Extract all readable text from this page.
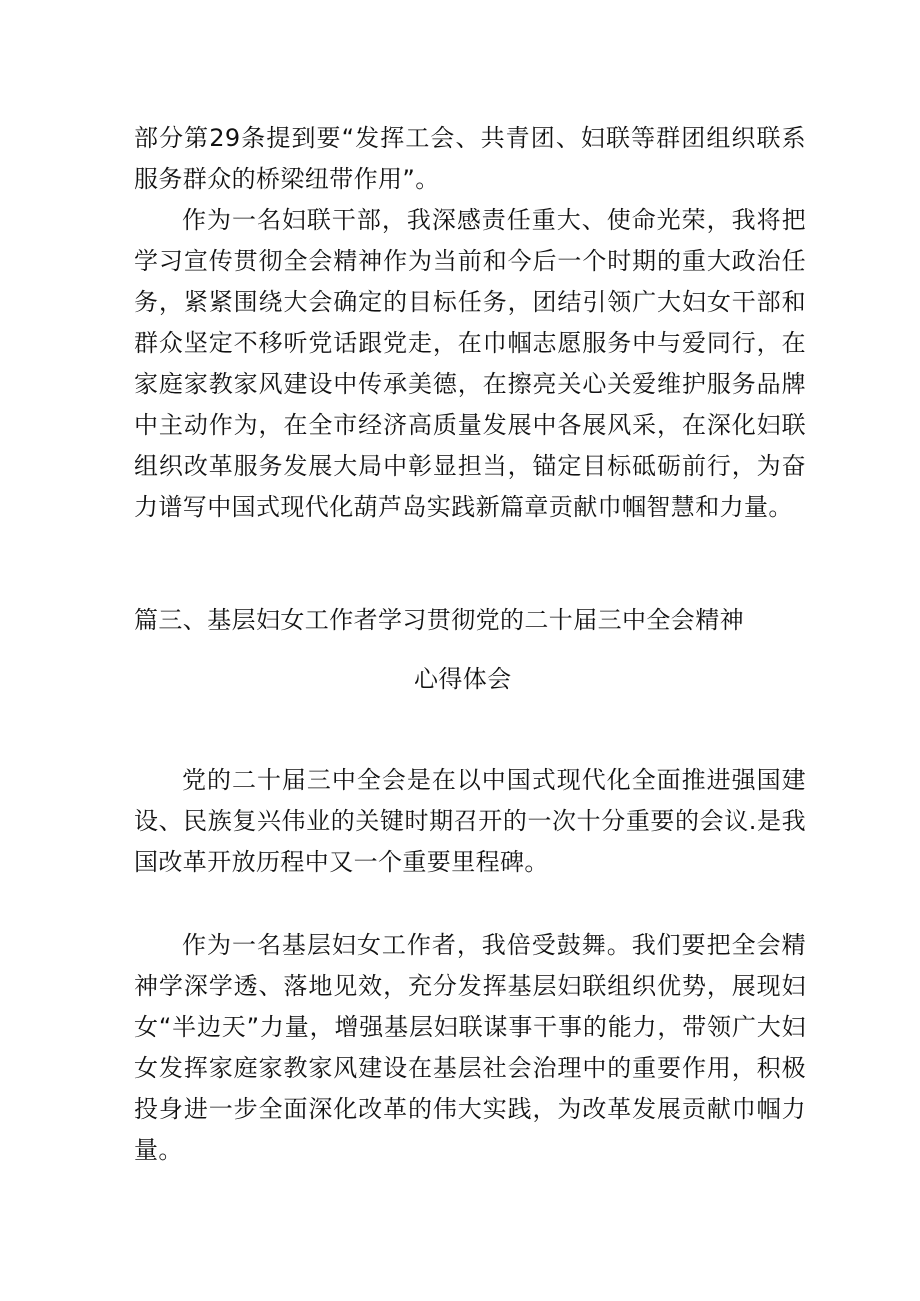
部分第29条提到要“发挥工会、共青团、妇联等群团组织联系服务群众的桥梁纽带作用”。

作为一名妇联干部，我深感责任重大、使命光荣，我将把学习宣传贯彻全会精神作为当前和今后一个时期的重大政治任务，紧紧围绕大会确定的目标任务，团结引领广大妇女干部和群众坚定不移听党话跟党走，在巾帼志愿服务中与爱同行，在家庭家教家风建设中传承美德，在擦亮关心关爱维护服务品牌中主动作为，在全市经济高质量发展中各展风采，在深化妇联组织改革服务发展大局中彰显担当，锚定目标砥砺前行，为奋力谱写中国式现代化葫芦岛实践新篇章贡献巾帼智慧和力量。

篇三、基层妇女工作者学习贯彻党的二十届三中全会精神
心得体会

党的二十届三中全会是在以中国式现代化全面推进强国建设、民族复兴伟业的关键时期召开的一次十分重要的会议.是我国改革开放历程中又一个重要里程碑。

作为一名基层妇女工作者，我倍受鼓舞。我们要把全会精神学深学透、落地见效，充分发挥基层妇联组织优势，展现妇女“半边天”力量，增强基层妇联谋事干事的能力，带领广大妇女发挥家庭家教家风建设在基层社会治理中的重要作用，积极投身进一步全面深化改革的伟大实践，为改革发展贡献巾帼力量。
